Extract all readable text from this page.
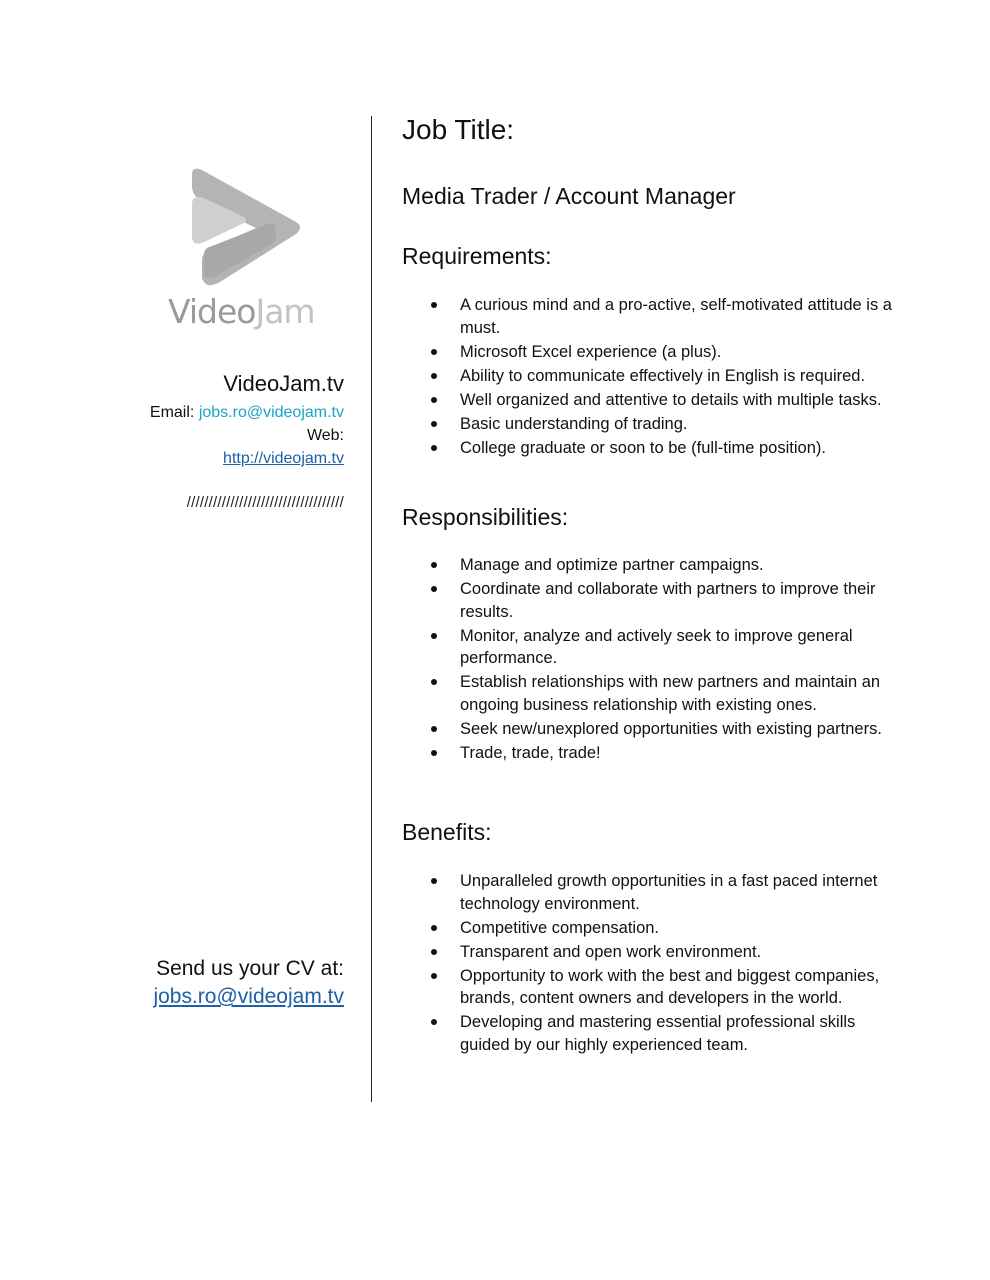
VideoJam
VideoJam.tv
Email: jobs.ro@videojam.tv
Web:
http://videojam.tv
////////////////////////////////////
Send us your CV at:
jobs.ro@videojam.tv
Job Title:
Media Trader / Account Manager
Requirements:
A curious mind and a pro-active, self-motivated attitude is a must.
Microsoft Excel experience (a plus).
Ability to communicate effectively in English is required.
Well organized and attentive to details with multiple tasks.
Basic understanding of trading.
College graduate or soon to be (full-time position).
Responsibilities:
Manage and optimize partner campaigns.
Coordinate and collaborate with partners to improve their results.
Monitor, analyze and actively seek to improve general performance.
Establish relationships with new partners and maintain an ongoing business relationship with existing ones.
Seek new/unexplored opportunities with existing partners.
Trade, trade, trade!
Benefits:
Unparalleled growth opportunities in a fast paced internet technology environment.
Competitive compensation.
Transparent and open work environment.
Opportunity to work with the best and biggest companies, brands, content owners and developers in the world.
Developing and mastering essential professional skills guided by our highly experienced team.
